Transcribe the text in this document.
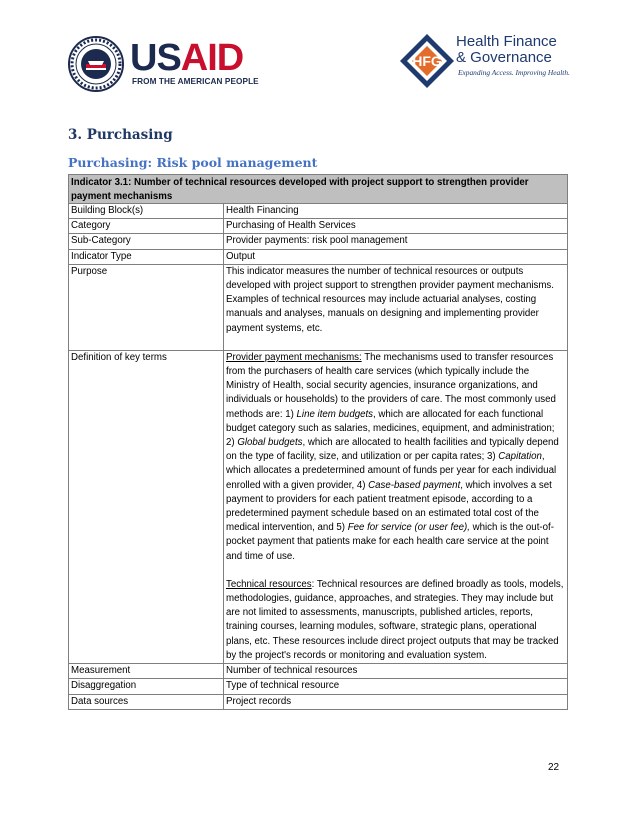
USAID
FROM THE AMERICAN PEOPLE
HFG
Health Finance
& Governance
Expanding Access. Improving Health.
3. Purchasing
Purchasing: Risk pool management
Indicator 3.1: Number of technical resources developed with project support to strengthen provider payment mechanisms	
Building Block(s)	Health Financing
Category	Purchasing of Health Services
Sub-Category	Provider payments: risk pool management
Indicator Type	Output
Purpose	This indicator measures the number of technical resources or outputs developed with project support to strengthen provider payment mechanisms. Examples of technical resources may include actuarial analyses, costing manuals and analyses, manuals on designing and implementing provider payment systems, etc.

Definition of key terms	Provider payment mechanisms: The mechanisms used to transfer resources from the purchasers of health care services (which typically include the Ministry of Health, social security agencies, insurance organizations, and individuals or households) to the providers of care. The most commonly used methods are: 1) Line item budgets, which are allocated for each functional budget category such as salaries, medicines, equipment, and administration; 2) Global budgets, which are allocated to health facilities and typically depend on the type of facility, size, and utilization or per capita rates; 3) Capitation, which allocates a predetermined amount of funds per year for each individual enrolled with a given provider, 4) Case-based payment, which involves a set payment to providers for each patient treatment episode, according to a predetermined payment schedule based on an estimated total cost of the medical intervention, and 5) Fee for service (or user fee), which is the out-of-pocket payment that patients make for each health care service at the point and time of use.
Technical resources: Technical resources are defined broadly as tools, models, methodologies, guidance, approaches, and strategies. They may include but are not limited to assessments, manuscripts, published articles, reports, training courses, learning modules, software, strategic plans, operational plans, etc. These resources include direct project outputs that may be tracked by the project's records or monitoring and evaluation system.

Measurement	Number of technical resources
Disaggregation	Type of technical resource
Data sources	Project records
22
